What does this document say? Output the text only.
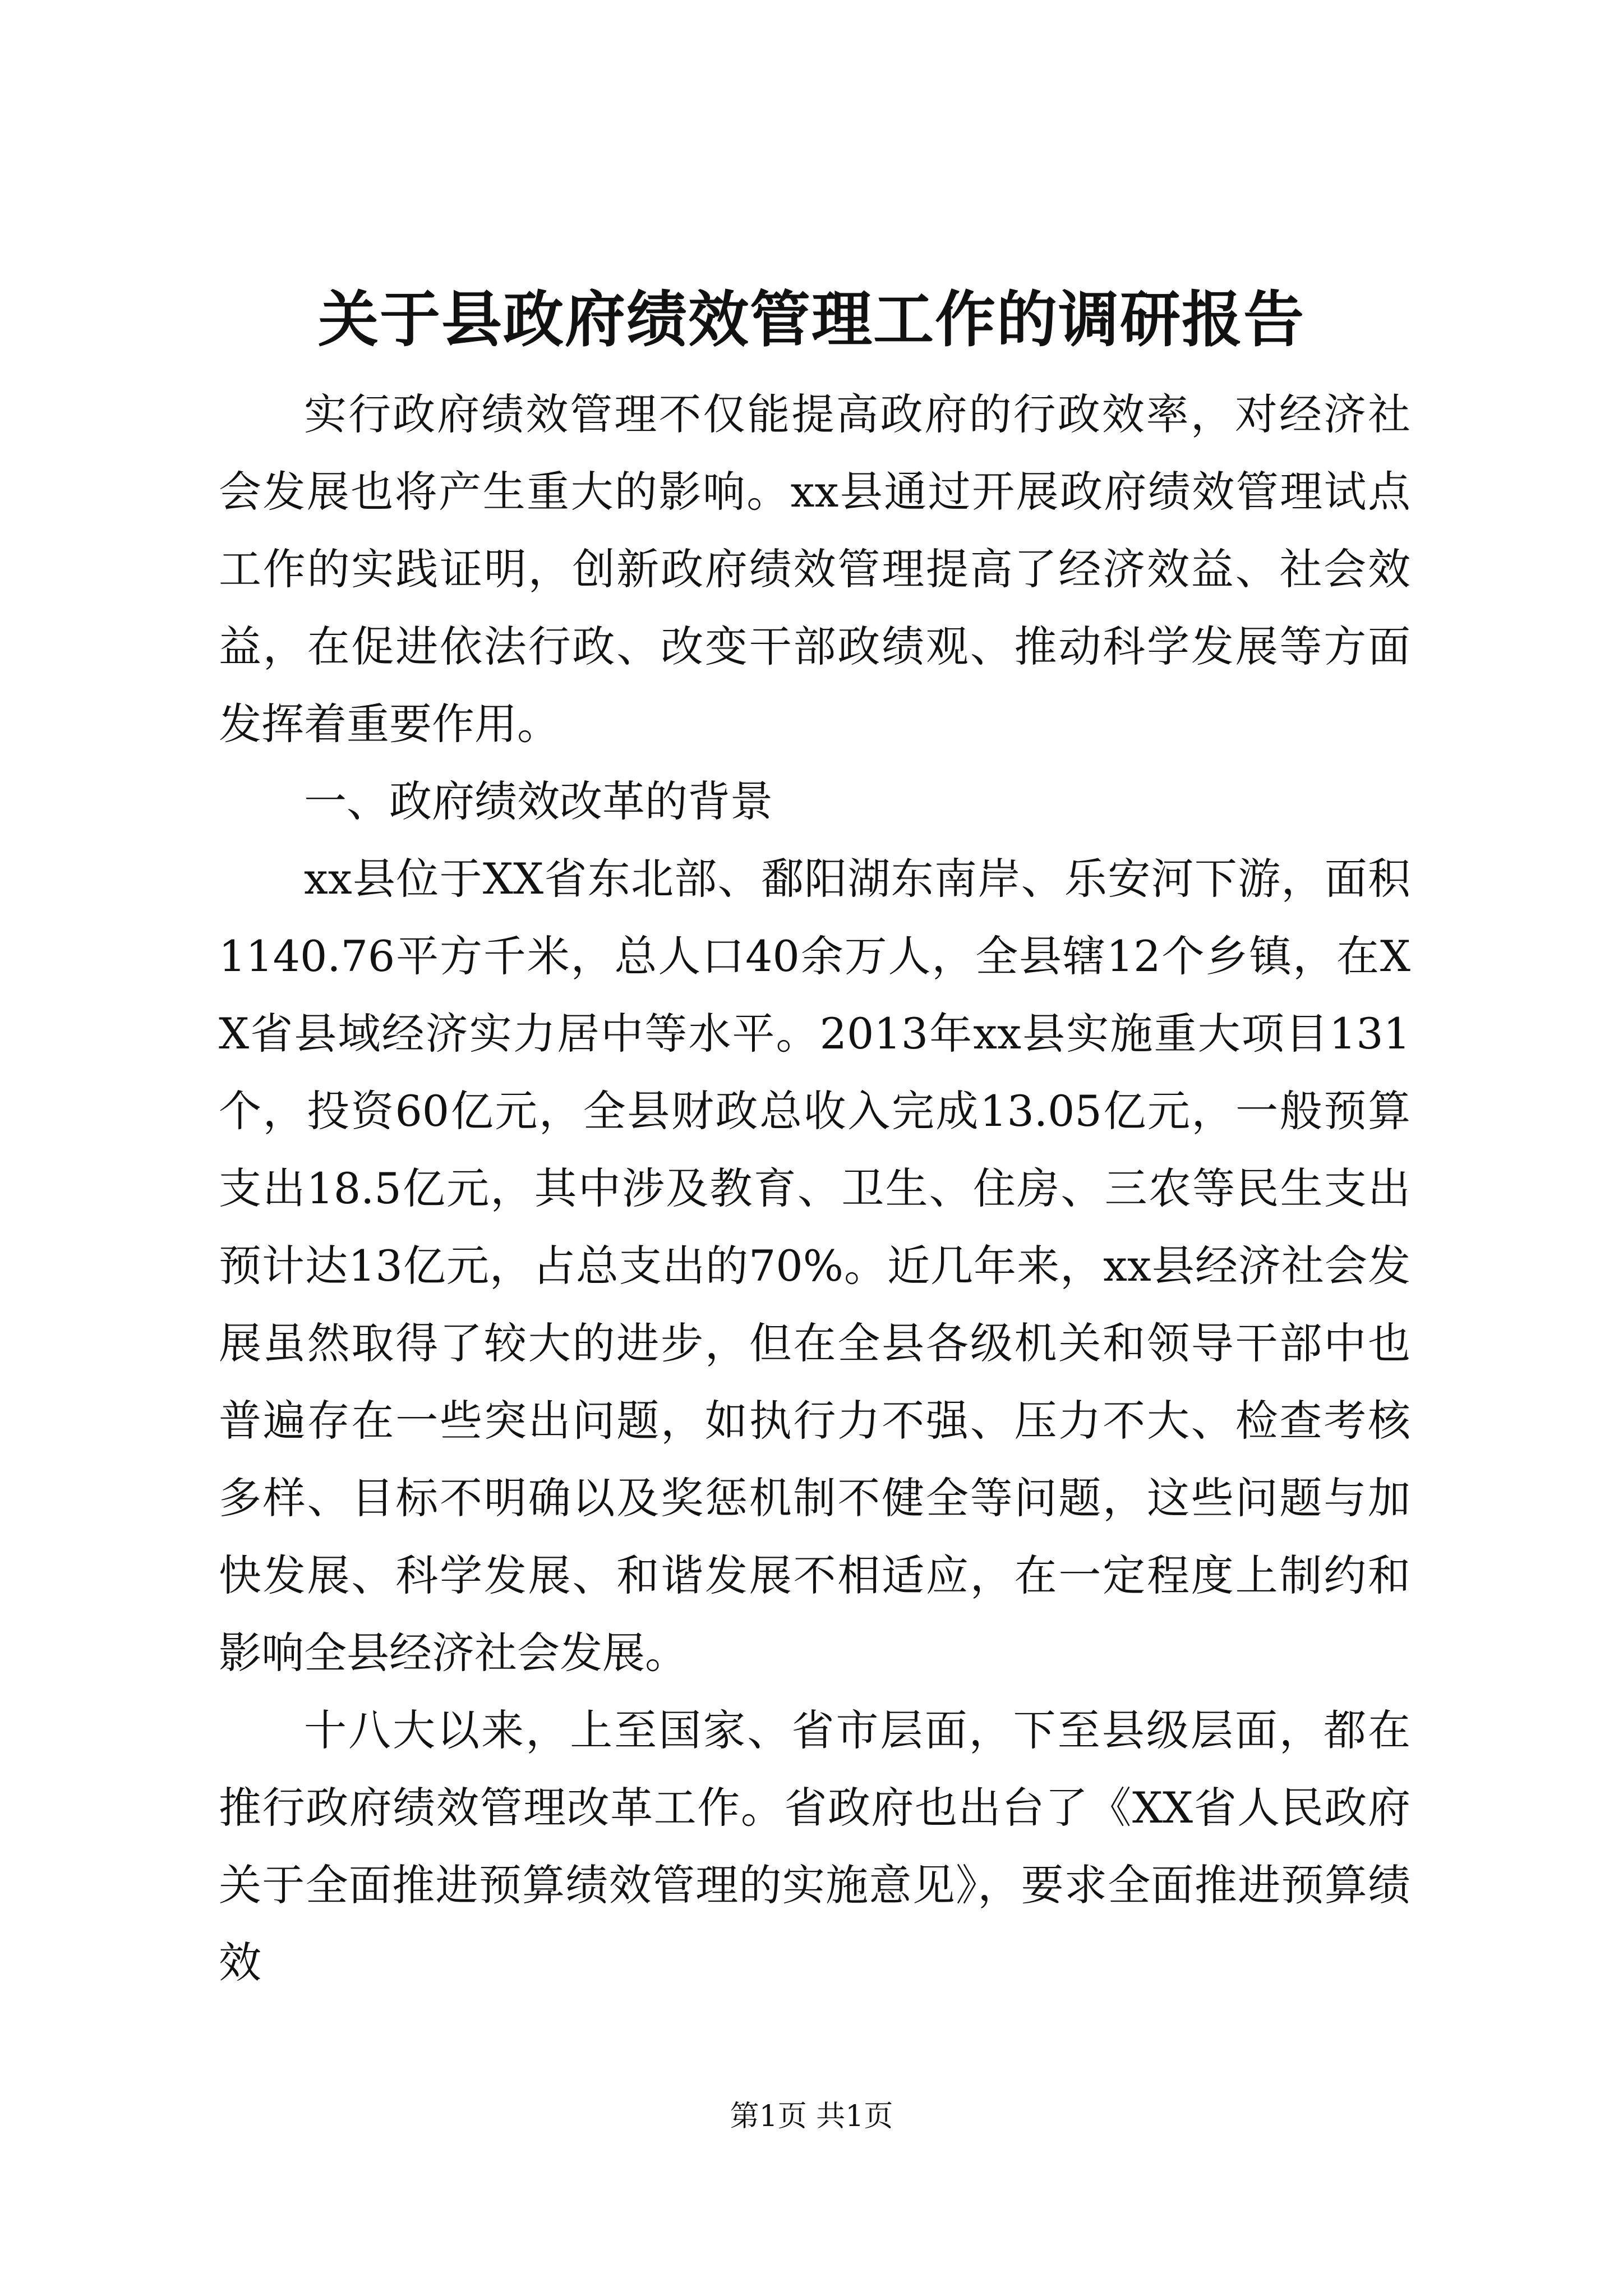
关于县政府绩效管理工作的调研报告

实行政府绩效管理不仅能提高政府的行政效率，对经济社会发展也将产生重大的影响。xx县通过开展政府绩效管理试点工作的实践证明，创新政府绩效管理提高了经济效益、社会效益，在促进依法行政、改变干部政绩观、推动科学发展等方面发挥着重要作用。

一、政府绩效改革的背景

xx县位于XX省东北部、鄱阳湖东南岸、乐安河下游，面积1140.76平方千米，总人口40余万人，全县辖12个乡镇，在XX省县域经济实力居中等水平。2013年xx县实施重大项目131个，投资60亿元，全县财政总收入完成13.05亿元，一般预算支出18.5亿元，其中涉及教育、卫生、住房、三农等民生支出预计达13亿元，占总支出的70%。近几年来，xx县经济社会发展虽然取得了较大的进步，但在全县各级机关和领导干部中也普遍存在一些突出问题，如执行力不强、压力不大、检查考核多样、目标不明确以及奖惩机制不健全等问题，这些问题与加快发展、科学发展、和谐发展不相适应，在一定程度上制约和影响全县经济社会发展。

十八大以来，上至国家、省市层面，下至县级层面，都在推行政府绩效管理改革工作。省政府也出台了《XX省人民政府关于全面推进预算绩效管理的实施意见》，要求全面推进预算绩效

第1页 共1页
